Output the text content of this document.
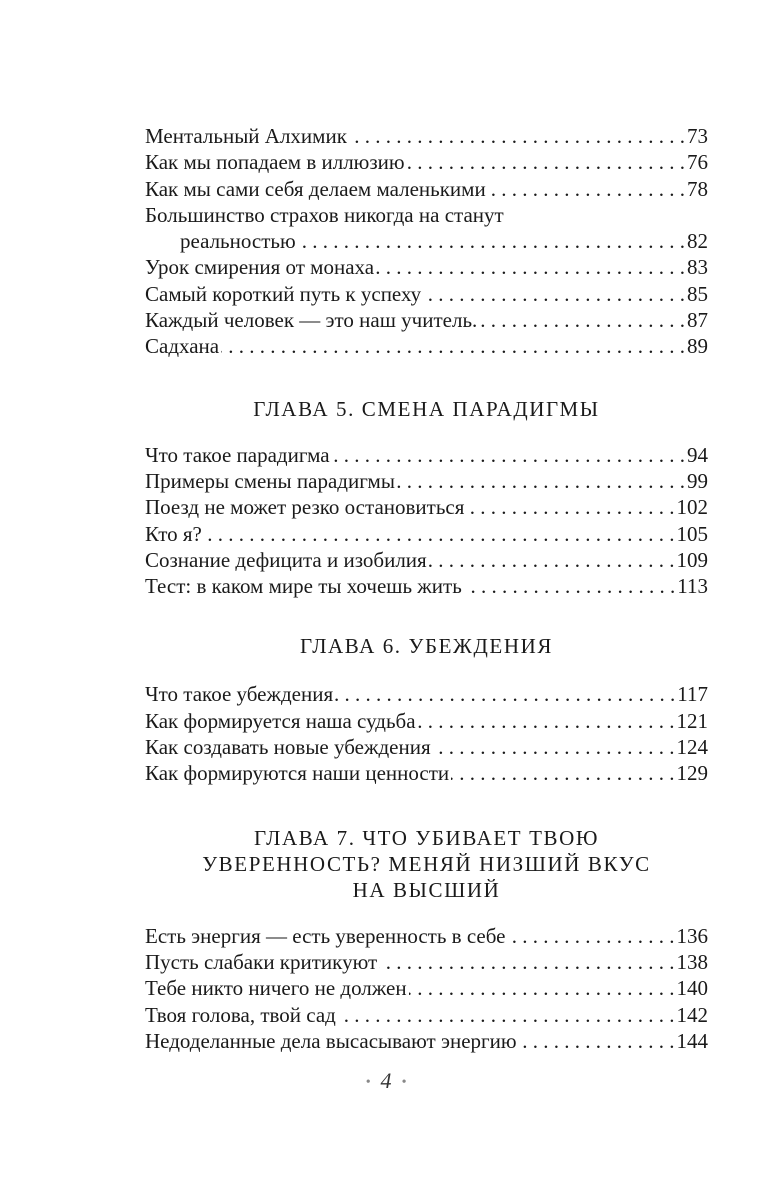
Ментальный Алхимик . . .	73
Как мы попадаем в иллюзию . . .	76
Как мы сами себя делаем маленькими . . .	78
Большинство страхов никогда на станут
реальностью . . .	82
Урок смирения от монаха . . .	83
Самый короткий путь к успеху . . .	85
Каждый человек — это наш учитель. . . .	87
Садхана . . .	89
ГЛАВА 5. СМЕНА ПАРАДИГМЫ
Что такое парадигма . . .	94
Примеры смены парадигмы . . .	99
Поезд не может резко остановиться . . .	102
Кто я? . . .	105
Сознание дефицита и изобилия . . .	109
Тест: в каком мире ты хочешь жить . . .	113
ГЛАВА 6. УБЕЖДЕНИЯ
Что такое убеждения . . .	117
Как формируется наша судьба . . .	121
Как создавать новые убеждения . . .	124
Как формируются наши ценности . . .	129
ГЛАВА 7. ЧТО УБИВАЕТ ТВОЮ
УВЕРЕННОСТЬ? МЕНЯЙ НИЗШИЙ ВКУС
НА ВЫСШИЙ
Есть энергия — есть уверенность в себе . . .	136
Пусть слабаки критикуют . . .	138
Тебе никто ничего не должен . . .	140
Твоя голова, твой сад . . .	142
Недоделанные дела высасывают энергию . . .	144
• 4 •
